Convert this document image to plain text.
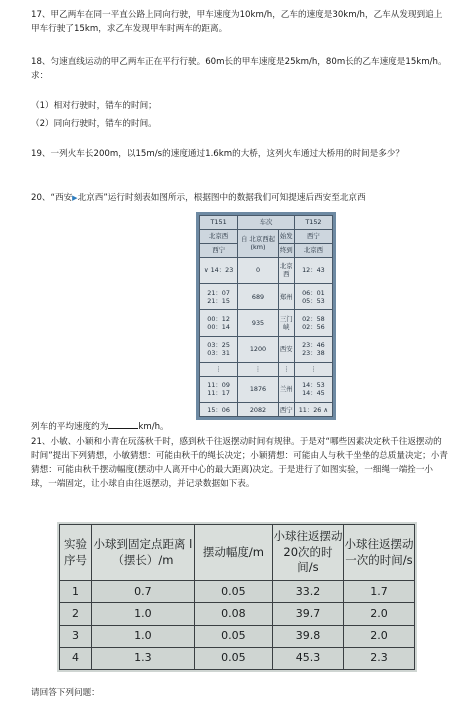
17、甲乙两车在同一平直公路上同向行驶，甲车速度为10km/h，乙车的速度是30km/h，乙车从发现到追上甲车行驶了15km，求乙车发现甲车时两车的距离。

18、匀速直线运动的甲乙两车正在平行行驶。60m长的甲车速度是25km/h，80m长的乙车速度是15km/h。求：

（1）相对行驶时，错车的时间；

（2）同向行驶时，错车的时间。

19、一列火车长200m，以15m/s的速度通过1.6km的大桥，这列火车通过大桥用的时间是多少？

20、“西安▶北京西”运行时刻表如图所示，根据图中的数据我们可知提速后西安至北京西

T151	车次		T152
北京西	自 北京西起 (km)	始发	西宁
西宁		终到	北京西
∨ 14：23	0	北京西	12：43
21：07 21：15	689	郑州	06：01 05：53
00：12 00：14	935	三门峡	02：58 02：56
03：25 03：31	1200	西安	23：46 23：38
⋮	⋮	⋮	⋮
11：09 11：17	1876	兰州	14：53 14：45
15：06	2082	西宁	11：26 ∧

列车的平均速度约为	km/h。

21、小敏、小颖和小青在玩荡秋千时，感到秋千往返摆动时间有规律。于是对“哪些因素决定秋千往返摆动的时间”提出下列猜想，小敏猜想：可能由秋千的绳长决定；小颖猜想：可能由人与秋千坐垫的总质量决定；小青猜想：可能由秋千摆动幅度(摆动中人离开中心的最大距离)决定。于是进行了如图实验，一细绳一端拴一小球，一端固定，让小球自由往返摆动，并记录数据如下表。

实验序号	小球到固定点距离 l（摆长）/m	摆动幅度/m	小球往返摆动20次的时间/s	小球往返摆动一次的时间/s
1	0.7	0.05	33.2	1.7
2	1.0	0.08	39.7	2.0
3	1.0	0.05	39.8	2.0
4	1.3	0.05	45.3	2.3

请回答下列问题：
